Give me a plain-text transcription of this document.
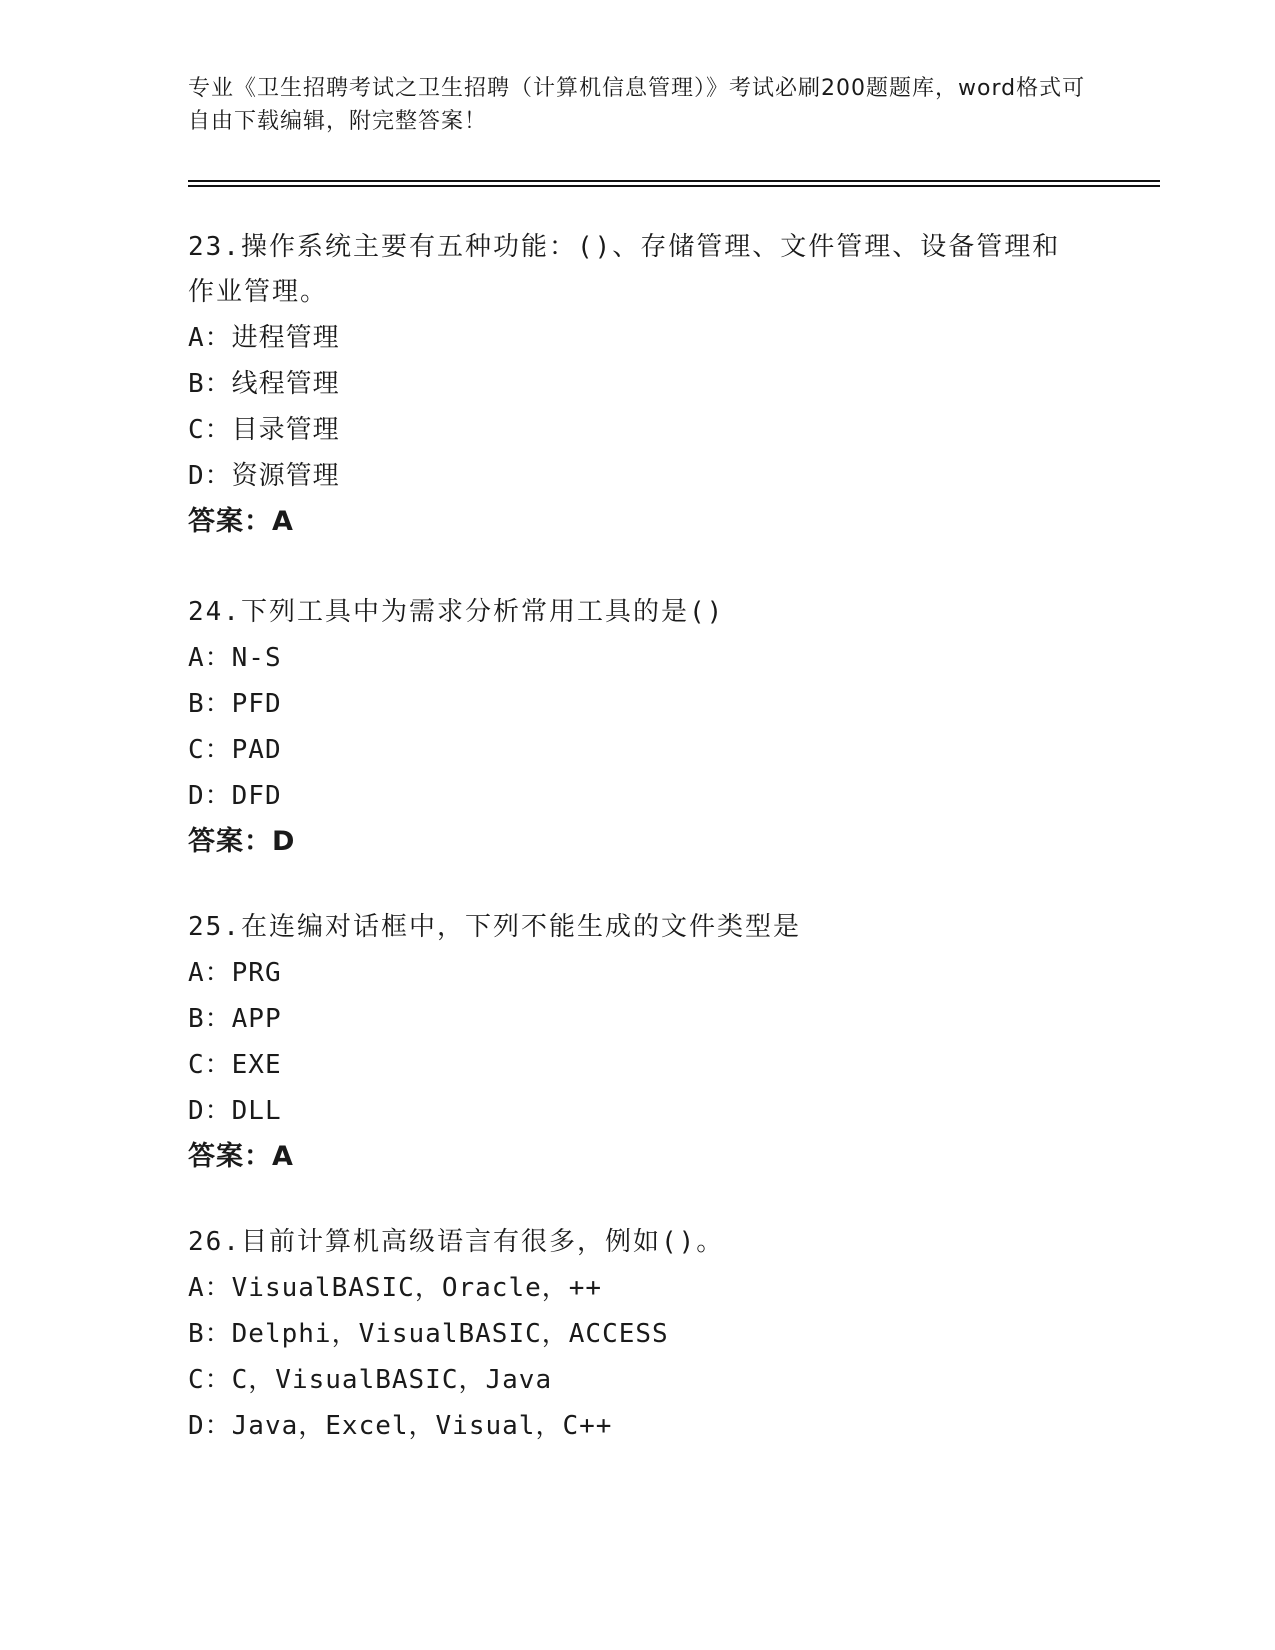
专业《卫生招聘考试之卫生招聘（计算机信息管理）》考试必刷200题题库，word格式可自由下载编辑，附完整答案！

23.操作系统主要有五种功能：()、存储管理、文件管理、设备管理和作业管理。

A：进程管理

B：线程管理

C：目录管理

D：资源管理

答案：A

24.下列工具中为需求分析常用工具的是()

A：N-S

B：PFD

C：PAD

D：DFD

答案：D

25.在连编对话框中，下列不能生成的文件类型是

A：PRG

B：APP

C：EXE

D：DLL

答案：A

26.目前计算机高级语言有很多，例如()。

A：VisualBASIC，Oracle，++

B：Delphi，VisualBASIC，ACCESS

C：C，VisualBASIC，Java

D：Java，Excel，Visual，C++
